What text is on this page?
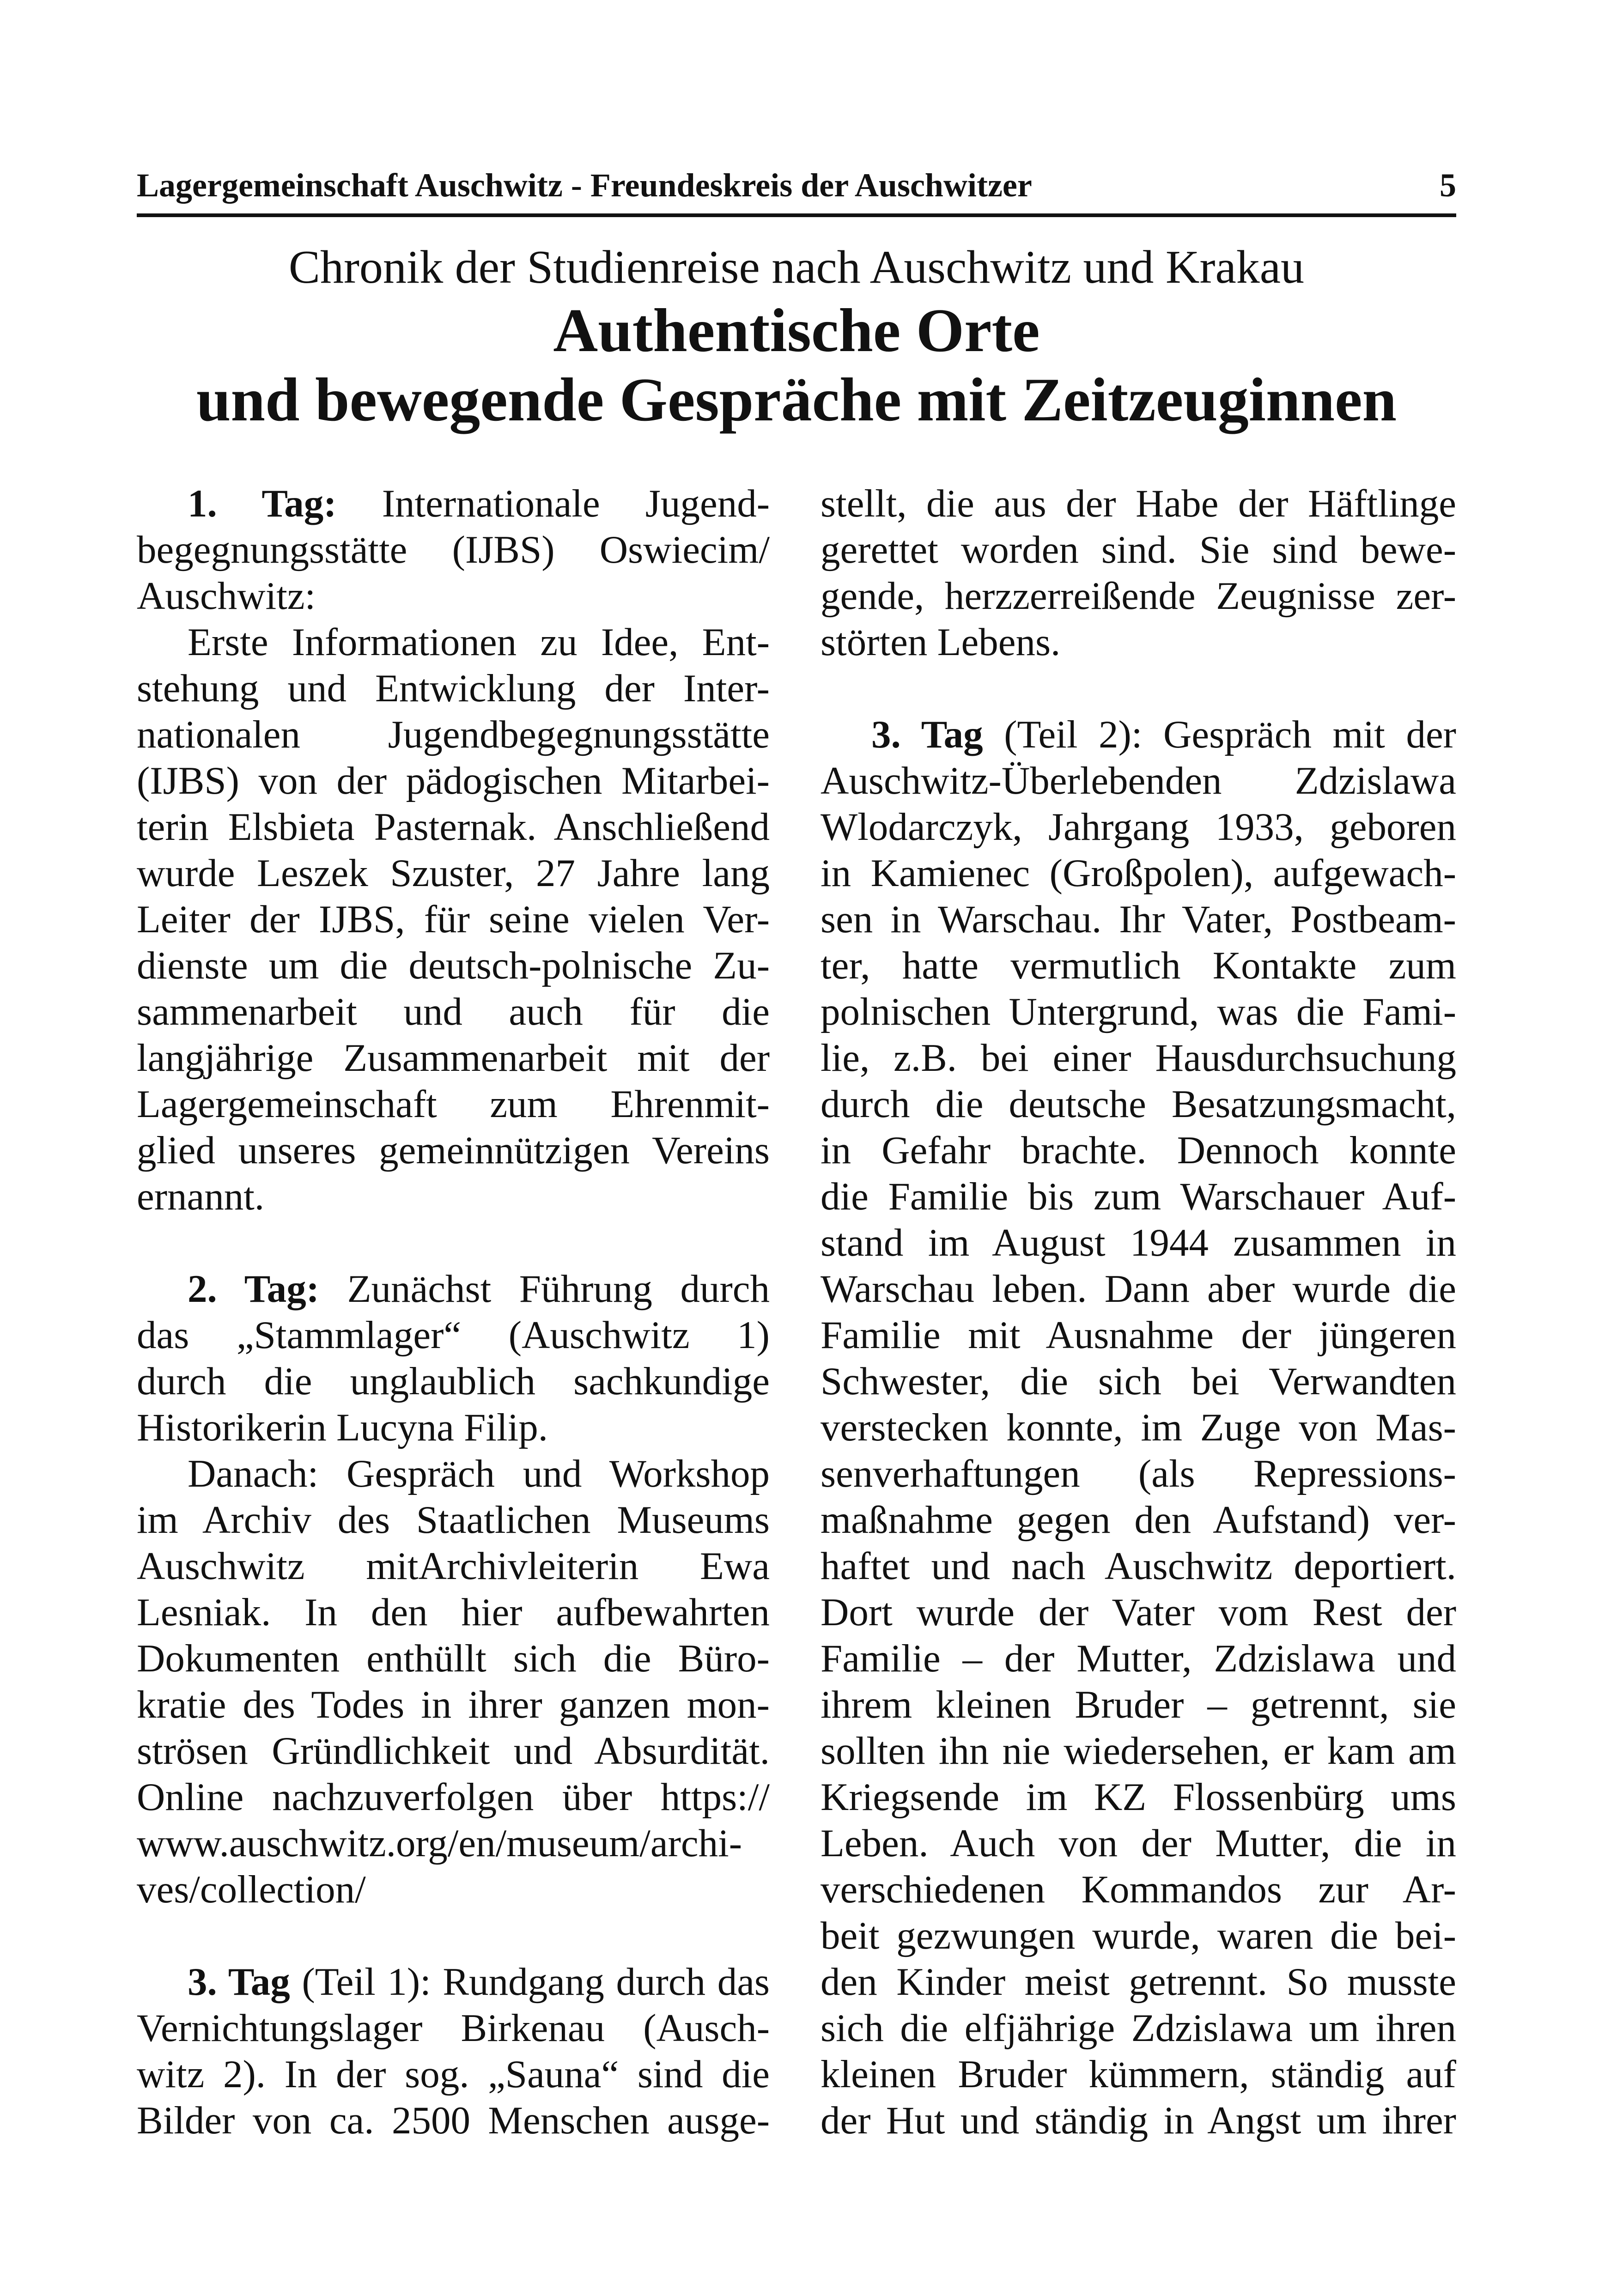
Lagergemeinschaft Auschwitz - Freundeskreis der Auschwitzer	5
Chronik der Studienreise nach Auschwitz und Krakau
Authentische Orte
und bewegende Gespräche mit Zeitzeuginnen
1. Tag: Internationale Jugend-
begegnungsstätte (IJBS) Oswiecim/
Auschwitz:
Erste Informationen zu Idee, Ent-
stehung und Entwicklung der Inter-
nationalen Jugendbegegnungsstätte
(IJBS) von der pädogischen Mitarbei-
terin Elsbieta Pasternak. Anschließend
wurde Leszek Szuster, 27 Jahre lang
Leiter der IJBS, für seine vielen Ver-
dienste um die deutsch-polnische Zu-
sammenarbeit und auch für die
langjährige Zusammenarbeit mit der
Lagergemeinschaft zum Ehrenmit-
glied unseres gemeinnützigen Vereins
ernannt.
2. Tag: Zunächst Führung durch
das „Stammlager“ (Auschwitz 1)
durch die unglaublich sachkundige
Historikerin Lucyna Filip.
Danach: Gespräch und Workshop
im Archiv des Staatlichen Museums
Auschwitz mitArchivleiterin Ewa
Lesniak. In den hier aufbewahrten
Dokumenten enthüllt sich die Büro-
kratie des Todes in ihrer ganzen mon-
strösen Gründlichkeit und Absurdität.
Online nachzuverfolgen über https://
www.auschwitz.org/en/museum/archi-
ves/collection/
3. Tag (Teil 1): Rundgang durch das
Vernichtungslager Birkenau (Ausch-
witz 2). In der sog. „Sauna“ sind die
Bilder von ca. 2500 Menschen ausge-
stellt, die aus der Habe der Häftlinge
gerettet worden sind. Sie sind bewe-
gende, herzzerreißende Zeugnisse zer-
störten Lebens.
3. Tag (Teil 2): Gespräch mit der
Auschwitz-Überlebenden Zdzislawa
Wlodarczyk, Jahrgang 1933, geboren
in Kamienec (Großpolen), aufgewach-
sen in Warschau. Ihr Vater, Postbeam-
ter, hatte vermutlich Kontakte zum
polnischen Untergrund, was die Fami-
lie, z.B. bei einer Hausdurchsuchung
durch die deutsche Besatzungsmacht,
in Gefahr brachte. Dennoch konnte
die Familie bis zum Warschauer Auf-
stand im August 1944 zusammen in
Warschau leben. Dann aber wurde die
Familie mit Ausnahme der jüngeren
Schwester, die sich bei Verwandten
verstecken konnte, im Zuge von Mas-
senverhaftungen (als Repressions-
maßnahme gegen den Aufstand) ver-
haftet und nach Auschwitz deportiert.
Dort wurde der Vater vom Rest der
Familie – der Mutter, Zdzislawa und
ihrem kleinen Bruder – getrennt, sie
sollten ihn nie wiedersehen, er kam am
Kriegsende im KZ Flossenbürg ums
Leben. Auch von der Mutter, die in
verschiedenen Kommandos zur Ar-
beit gezwungen wurde, waren die bei-
den Kinder meist getrennt. So musste
sich die elfjährige Zdzislawa um ihren
kleinen Bruder kümmern, ständig auf
der Hut und ständig in Angst um ihrer
